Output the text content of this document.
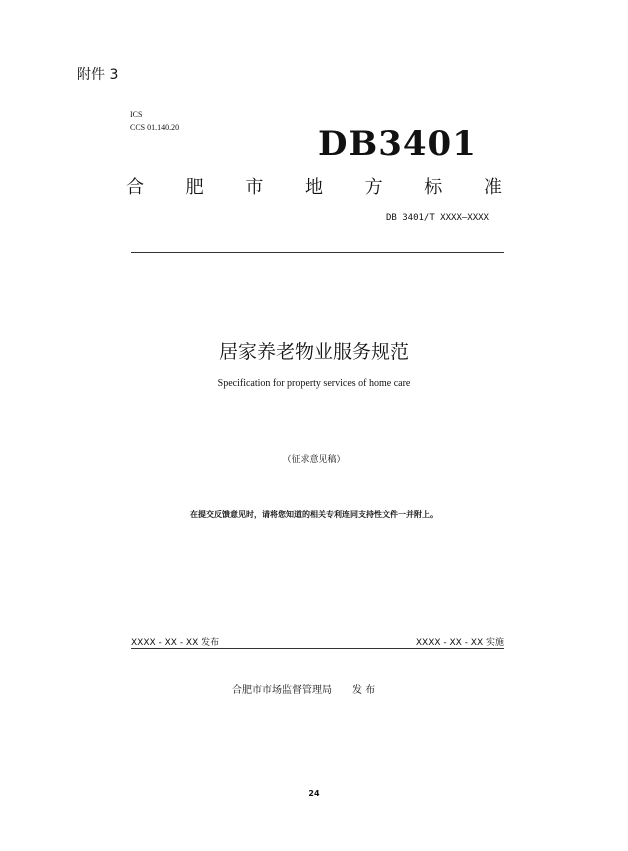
附件 3
ICS
CCS 01.140.20	DB3401
合 肥 市 地 方 标 准
DB 3401/T XXXX—XXXX
居家养老物业服务规范
Specification for property services of home care
（征求意见稿）
在提交反馈意见时，请将您知道的相关专利连同支持性文件一并附上。
XXXX - XX - XX 发布	XXXX - XX - XX 实施
合肥市市场监督管理局 发 布
24
